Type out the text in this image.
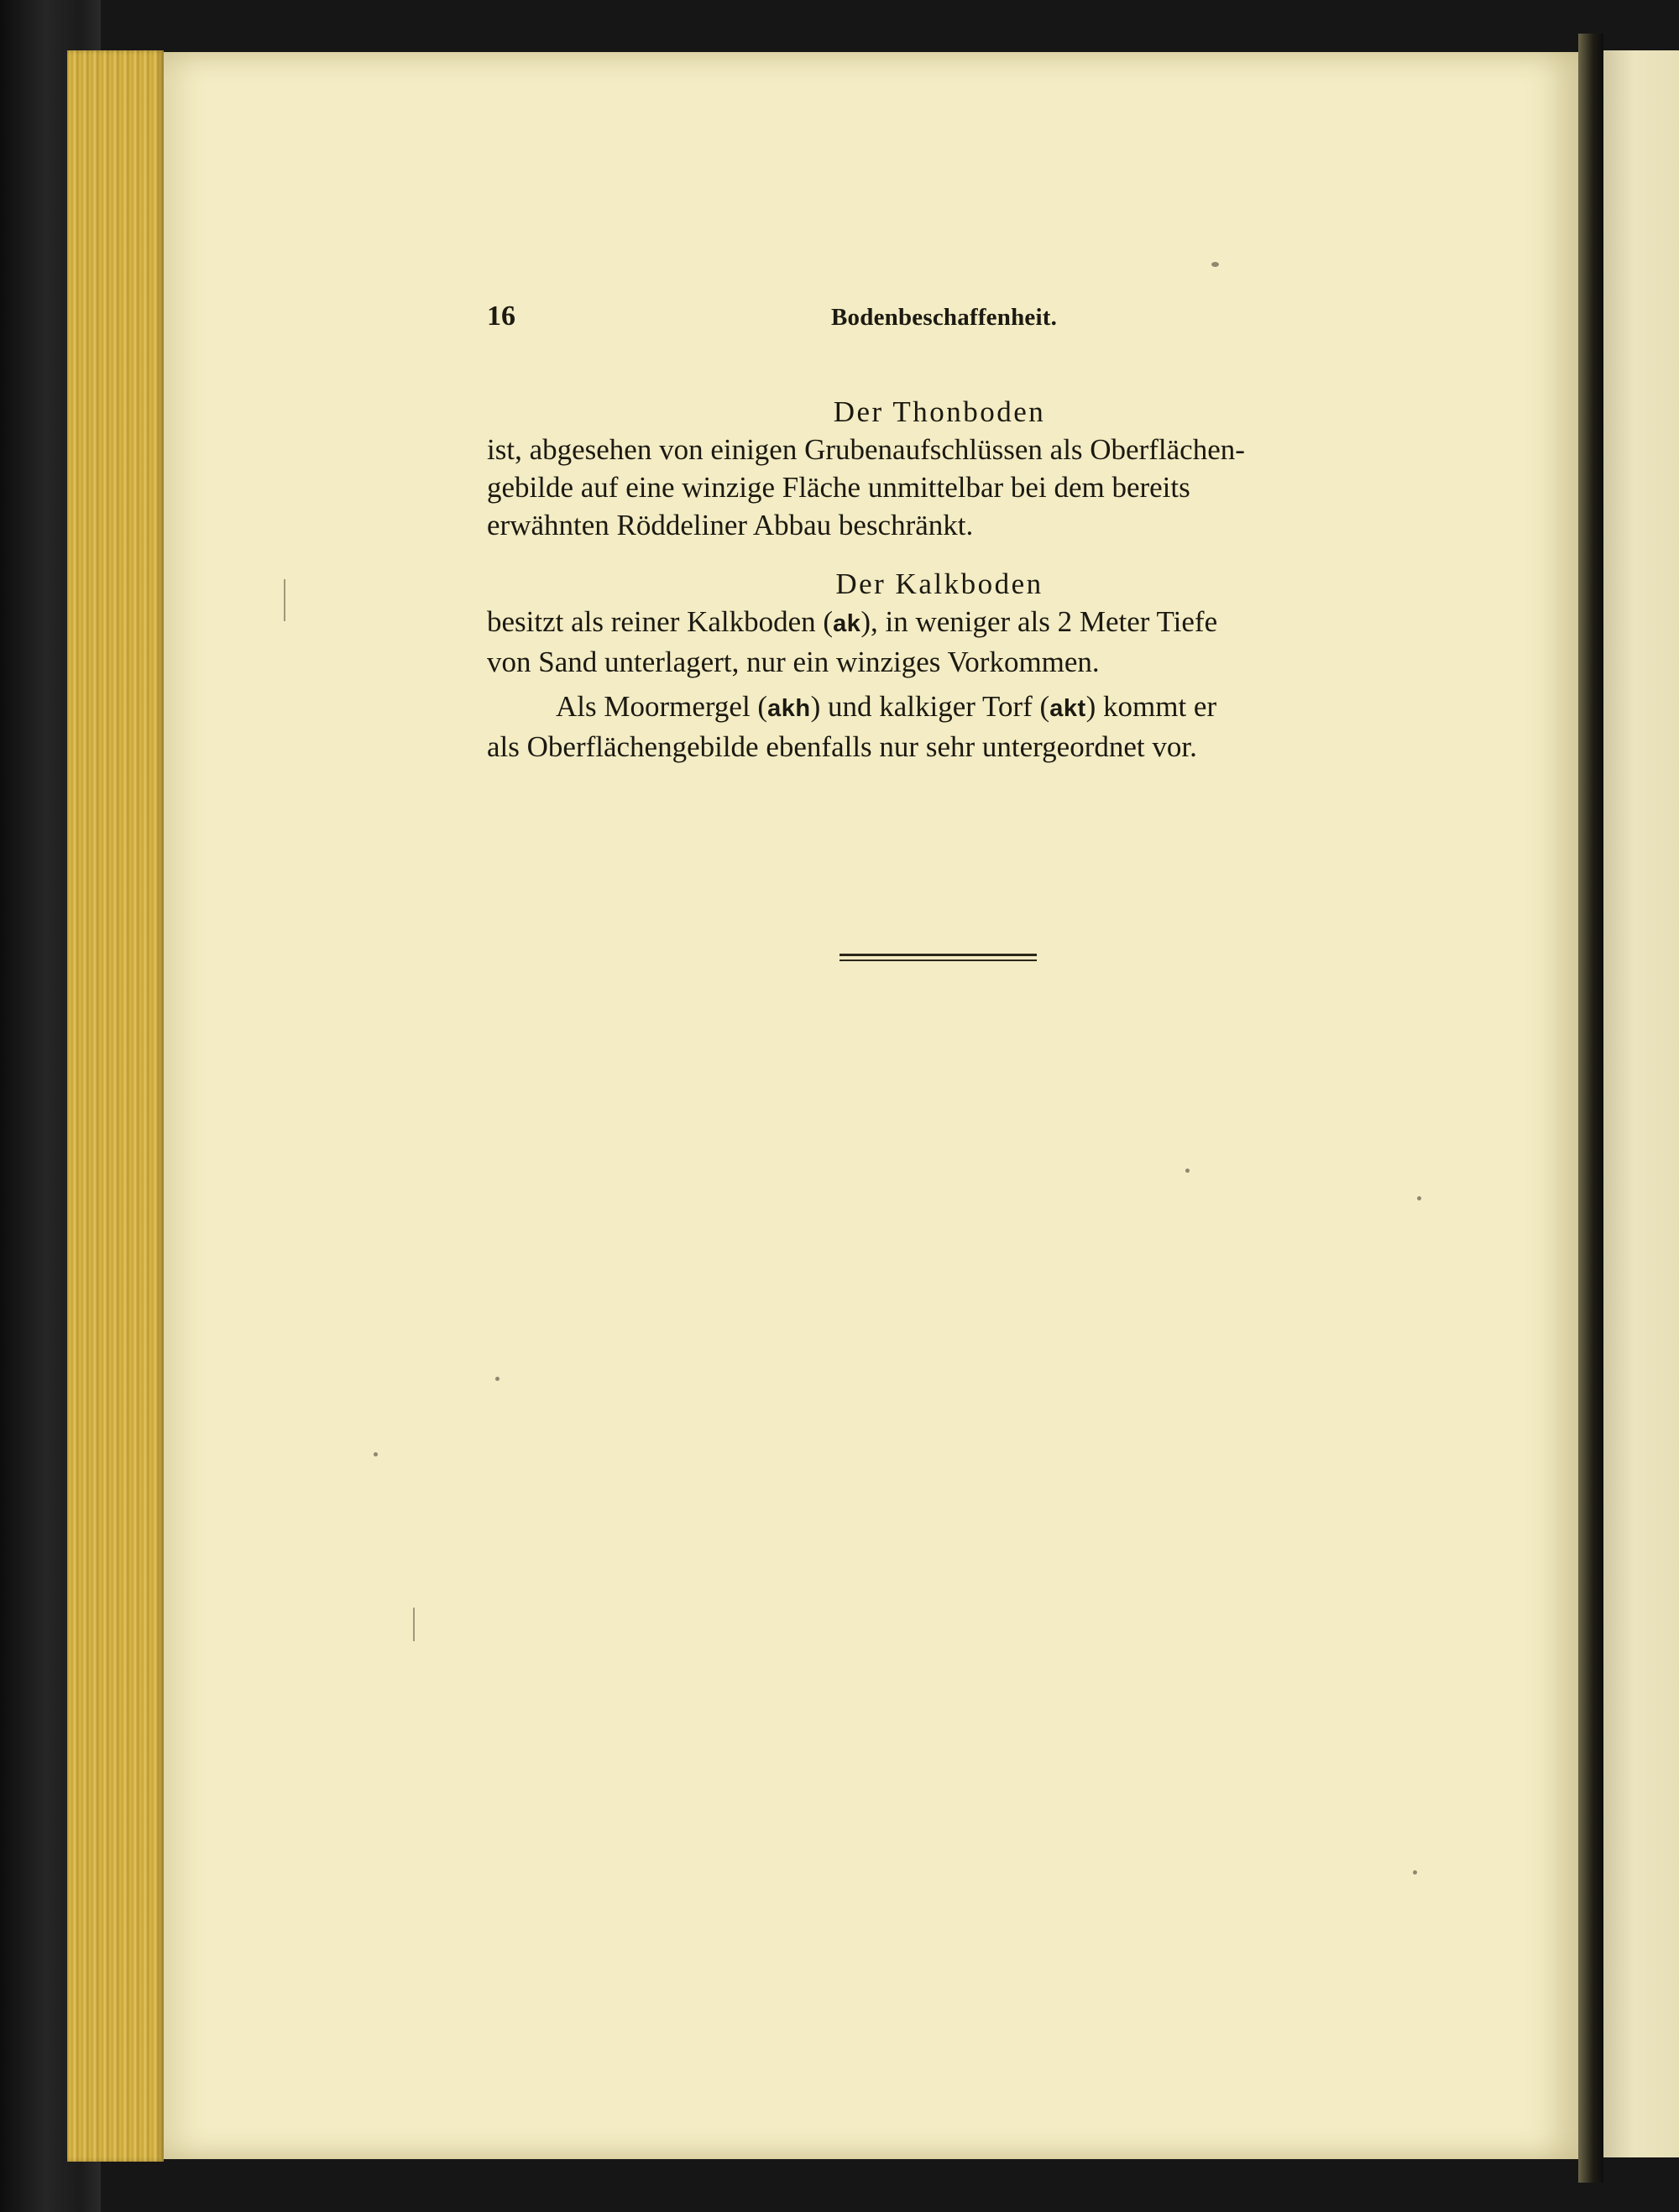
16	Bodenbeschaffenheit.
Der Thonboden

ist, abgesehen von einigen Grubenaufschlüssen als Oberflächen-
gebilde auf eine winzige Fläche unmittelbar bei dem bereits
erwähnten Röddeliner Abbau beschränkt.

Der Kalkboden

besitzt als reiner Kalkboden (ak), in weniger als 2 Meter Tiefe
von Sand unterlagert, nur ein winziges Vorkommen.

Als Moormergel (akh) und kalkiger Torf (akt) kommt er
als Oberflächengebilde ebenfalls nur sehr untergeordnet vor.
